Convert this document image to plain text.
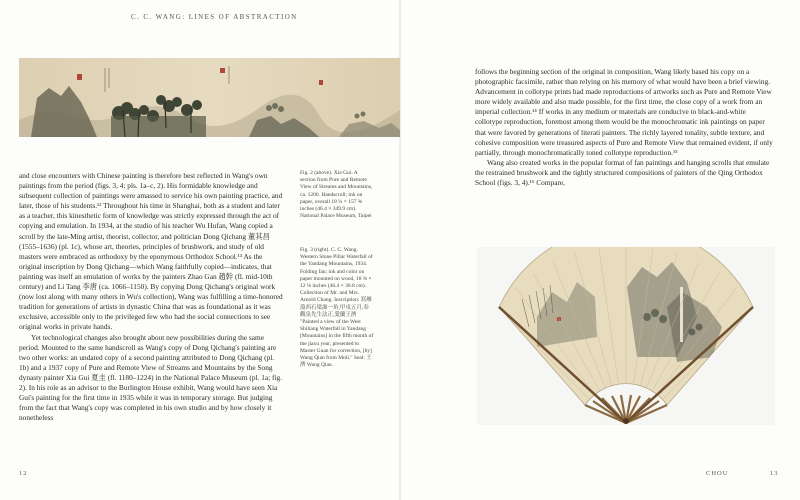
C. C. WANG: LINES OF ABSTRACTION

and close encounters with Chinese painting is therefore best reflected in Wang's own paintings from the period (figs. 3, 4; pls. 1a–c, 2). His formidable knowledge and subsequent collection of paintings were amassed to service his own painting practice, and later, those of his students.¹² Throughout his time in Shanghai, both as a student and later as a teacher, this kinesthetic form of knowledge was strictly expressed through the act of copying and emulation. In 1934, at the studio of his teacher Wu Hufan, Wang copied a scroll by the late-Ming artist, theorist, collector, and politician Dong Qichang 董其昌 (1555–1636) (pl. 1c), whose art, theories, principles of brushwork, and study of old masters were embraced as orthodoxy by the eponymous Orthodox School.¹³ As the original inscription by Dong Qichang—which Wang faithfully copied—indicates, that painting was itself an emulation of works by the painters Zhao Gan 趙幹 (fl. mid-10th century) and Li Tang 李唐 (ca. 1066–1150). By copying Dong Qichang's original work (now lost along with many others in Wu's collection), Wang was fulfilling a time-honored tradition for generations of artists in dynastic China that was as foundational as it was exclusive, accessible only to the privileged few who had the social connections to see original works in private hands.

Yet technological changes also brought about new possibilities during the same period. Mounted to the same handscroll as Wang's copy of Dong Qichang's painting are two other works: an undated copy of a second painting attributed to Dong Qichang (pl. 1b) and a 1937 copy of Pure and Remote View of Streams and Mountains by the Song dynasty painter Xia Gui 夏圭 (fl. 1180–1224) in the National Palace Museum (pl. 1a; fig. 2). In his role as an advisor to the Burlington House exhibit, Wang would have seen Xia Gui's painting for the first time in 1935 while it was in temporary storage. But judging from the fact that Wang's copy was completed in his own studio and by how closely it nonetheless

Fig. 2 (above). Xia Gui. A section from Pure and Remote View of Streams and Mountains, ca. 1200. Handscroll; ink on paper, overall 18 ¼ × 157 ⅝ inches (46.4 × 349.9 cm). National Palace Museum, Taipei
Fig. 3 (right). C. C. Wang. Western Stone Pillar Waterfall of the Yandang Mountains, 1934. Folding fan; ink and color on paper mounted on wood, 18 ⅜ × 12 ⅛ inches (46.4 × 30.8 cm). Collection of Mr. and Mrs. Arnold Chang. Inscription: 寫雁蕩西石梁瀑一角,甲戌五月,奉觀泉先生法正,愛蘭王濟 "Painted a view of the West Shiliang Waterfall in Yandang [Mountains] in the fifth month of the jiaxu year, presented to Master Guan for correction, [by] Wang Qian from Moli." Seal: 王濟 Wang Qian.

follows the beginning section of the original in composition, Wang likely based his copy on a photographic facsimile, rather than relying on his memory of what would have been a brief viewing. Advancement in collotype prints had made reproductions of artworks such as Pure and Remote View more widely available and also made possible, for the first time, the close copy of a work from an imperial collection.¹⁴ If works in any medium or materials are conducive to black-and-white collotype reproduction, foremost among them would be the monochromatic ink paintings on paper that were favored by generations of literati painters. The richly layered tonality, subtle texture, and cohesive composition were treasured aspects of Pure and Remote View that remained evident, if only partially, through monochromatically toned collotype reproduction.¹⁵

Wang also created works in the popular format of fan paintings and hanging scrolls that emulate the restrained brushwork and the tightly structured compositions of painters of the Qing Orthodox School (figs. 3, 4).¹⁶ Compare,

12	CHOU	13
